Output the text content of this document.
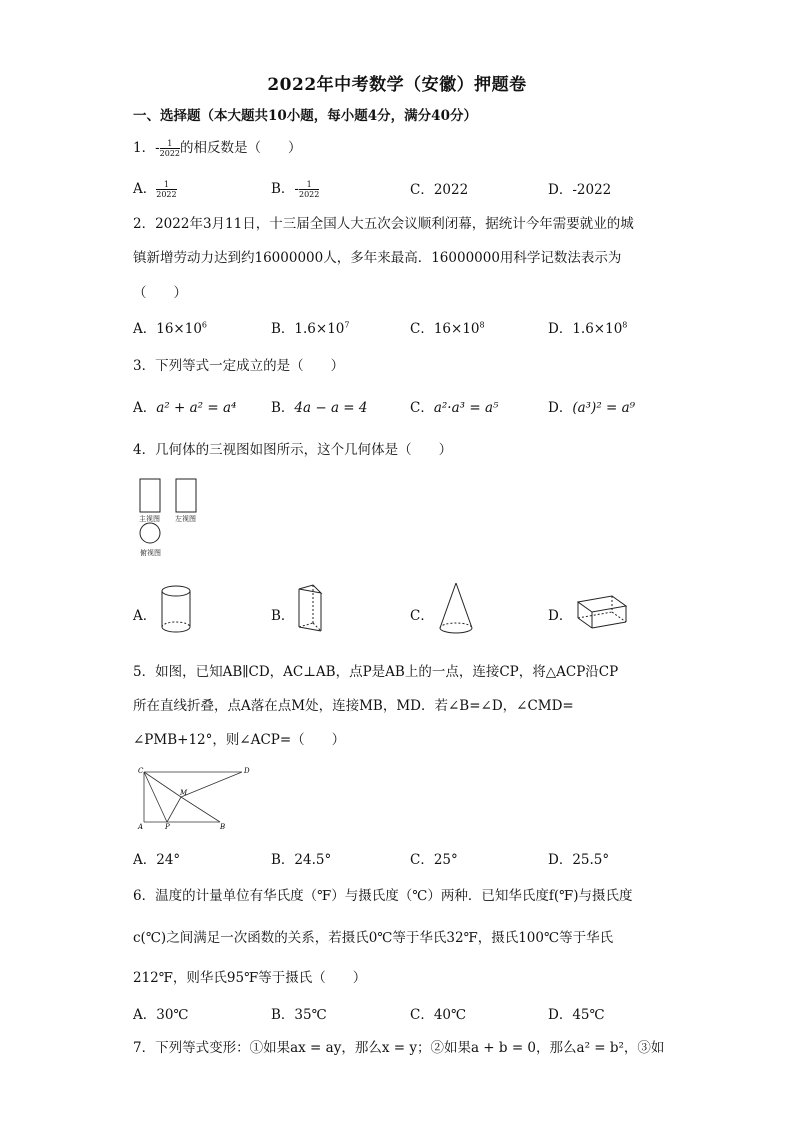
2022年中考数学（安徽）押题卷
一、选择题（本大题共10小题，每小题4分，满分40分）
1．- $\frac{1}{2022}$ 的相反数是（　　）
A． $\frac{1}{2022}$	B．- $\frac{1}{2022}$	C．2022	D．-2022
2．2022年3月11日，十三届全国人大五次会议顺利闭幕，据统计今年需要就业的城
镇新增劳动力达到约16000000人，多年来最高．16000000用科学记数法表示为
（　　）
A．$16\times 10^6$	B．$1.6\times 10^7$	C．$16\times 10^8$	D．$1.6\times 10^8$
3．下列等式一定成立的是（　　）
A．a² + a² = a⁴	B．4a − a = 4	C．a²·a³ = a⁵	D．(a³)² = a⁹
4．几何体的三视图如图所示，这个几何体是（　　）
主视图 左视图
俯视图
A．	B．	C．	D．
5．如图，已知AB∥CD，AC⊥AB，点P是AB上的一点，连接CP，将△ACP沿CP
所在直线折叠，点A落在点M处，连接MB，MD．若∠B=∠D，∠CMD=
∠PMB+12°，则∠ACP=（　　）
C	D
M
A	P	B
A．24°	B．24.5°	C．25°	D．25.5°
6．温度的计量单位有华氏度（℉）与摄氏度（℃）两种．已知华氏度f(℉)与摄氏度
c(℃)之间满足一次函数的关系，若摄氏0℃等于华氏32℉，摄氏100℃等于华氏
212℉，则华氏95℉等于摄氏（　　）
A．30℃	B．35℃	C．40℃	D．45℃
7．下列等式变形：①如果ax = ay，那么x = y；②如果a + b = 0，那么a² = b²，③如
